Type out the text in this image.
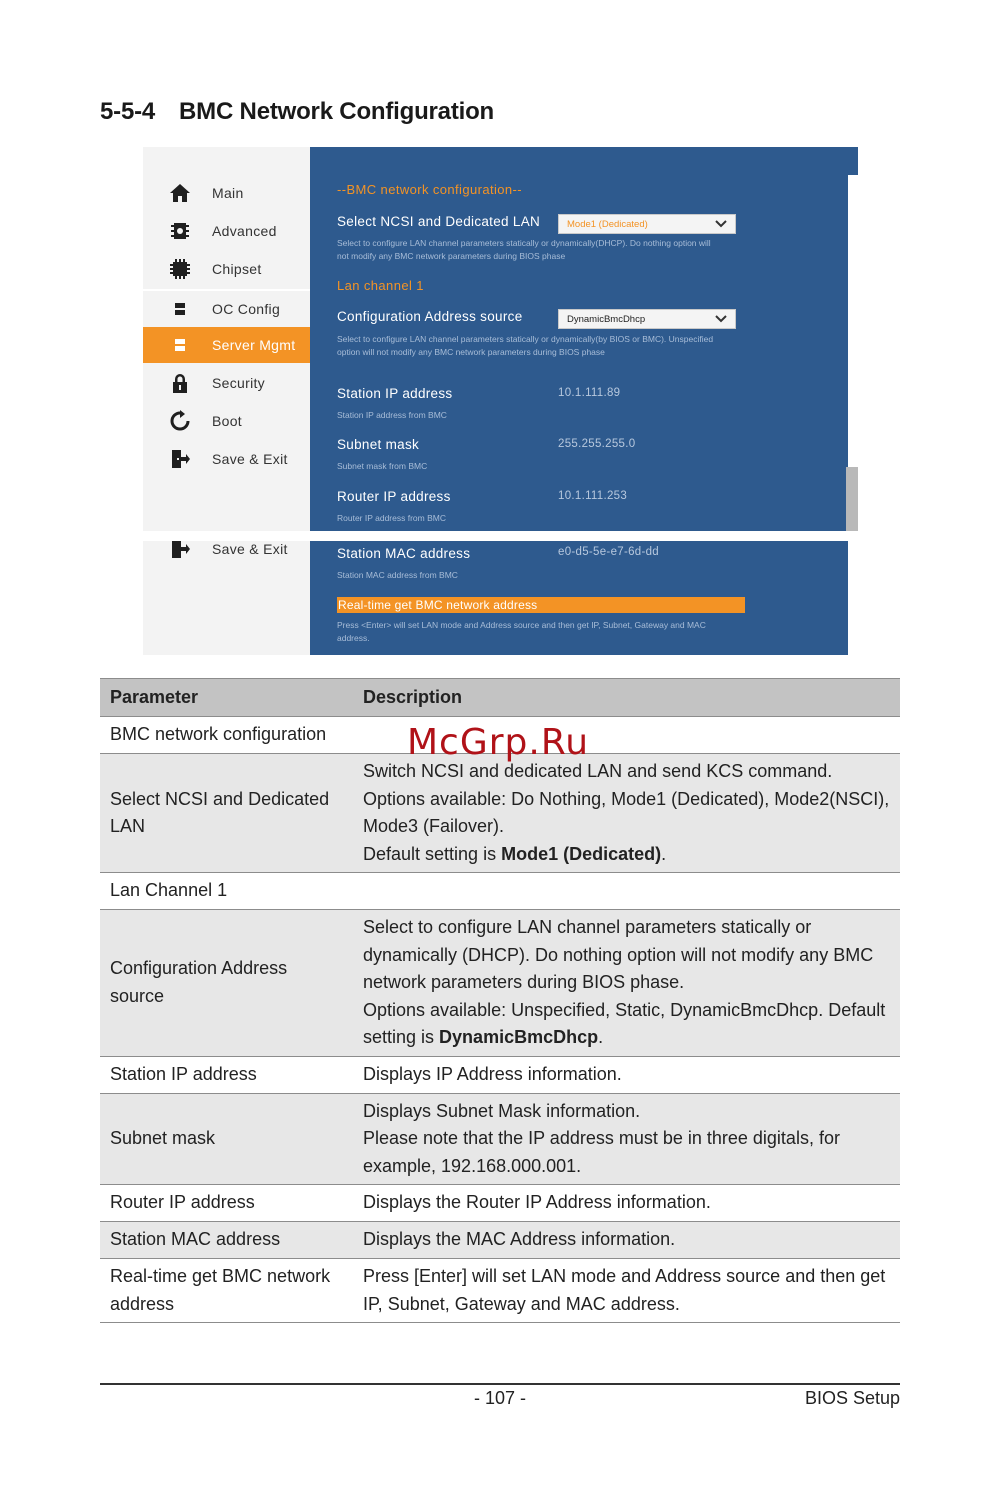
5-5-4 BMC Network Configuration
Main
Advanced
Chipset
OC Config
Server Mgmt
Security
Boot
Save & Exit
--BMC network configuration--
Select NCSI and Dedicated LAN	Mode1 (Dedicated)
Select to configure LAN channel parameters statically or dynamically(DHCP). Do nothing option will not modify any BMC network parameters during BIOS phase
Lan channel 1
Configuration Address source	DynamicBmcDhcp
Select to configure LAN channel parameters statically or dynamically(by BIOS or BMC). Unspecified option will not modify any BMC network parameters during BIOS phase
Station IP address	10.1.111.89
Station IP address from BMC
Subnet mask	255.255.255.0
Subnet mask from BMC
Router IP address	10.1.111.253
Router IP address from BMC
Save & Exit	Station MAC address	e0-d5-5e-e7-6d-dd
Station MAC address from BMC
Real-time get BMC network address
Press <Enter> will set LAN mode and Address source and then get IP, Subnet, Gateway and MAC address.
Parameter	Description
BMC network configuration	
Select NCSI and Dedicated LAN	Switch NCSI and dedicated LAN and send KCS command.
Options available: Do Nothing, Mode1 (Dedicated), Mode2(NSCI), Mode3 (Failover).
Default setting is Mode1 (Dedicated).

Lan Channel 1	
Configuration Address source	Select to configure LAN channel parameters statically or dynamically (DHCP). Do nothing option will not modify any BMC network parameters during BIOS phase.
Options available: Unspecified, Static, DynamicBmcDhcp. Default setting is DynamicBmcDhcp.

Station IP address	Displays IP Address information.
Subnet mask	Displays Subnet Mask information.
Please note that the IP address must be in three digitals, for example, 192.168.000.001.

Router IP address	Displays the Router IP Address information.
Station MAC address	Displays the MAC Address information.
Real-time get BMC network address	Press [Enter] will set LAN mode and Address source and then get IP, Subnet, Gateway and MAC address.
McGrp.Ru
- 107 -	BIOS Setup
